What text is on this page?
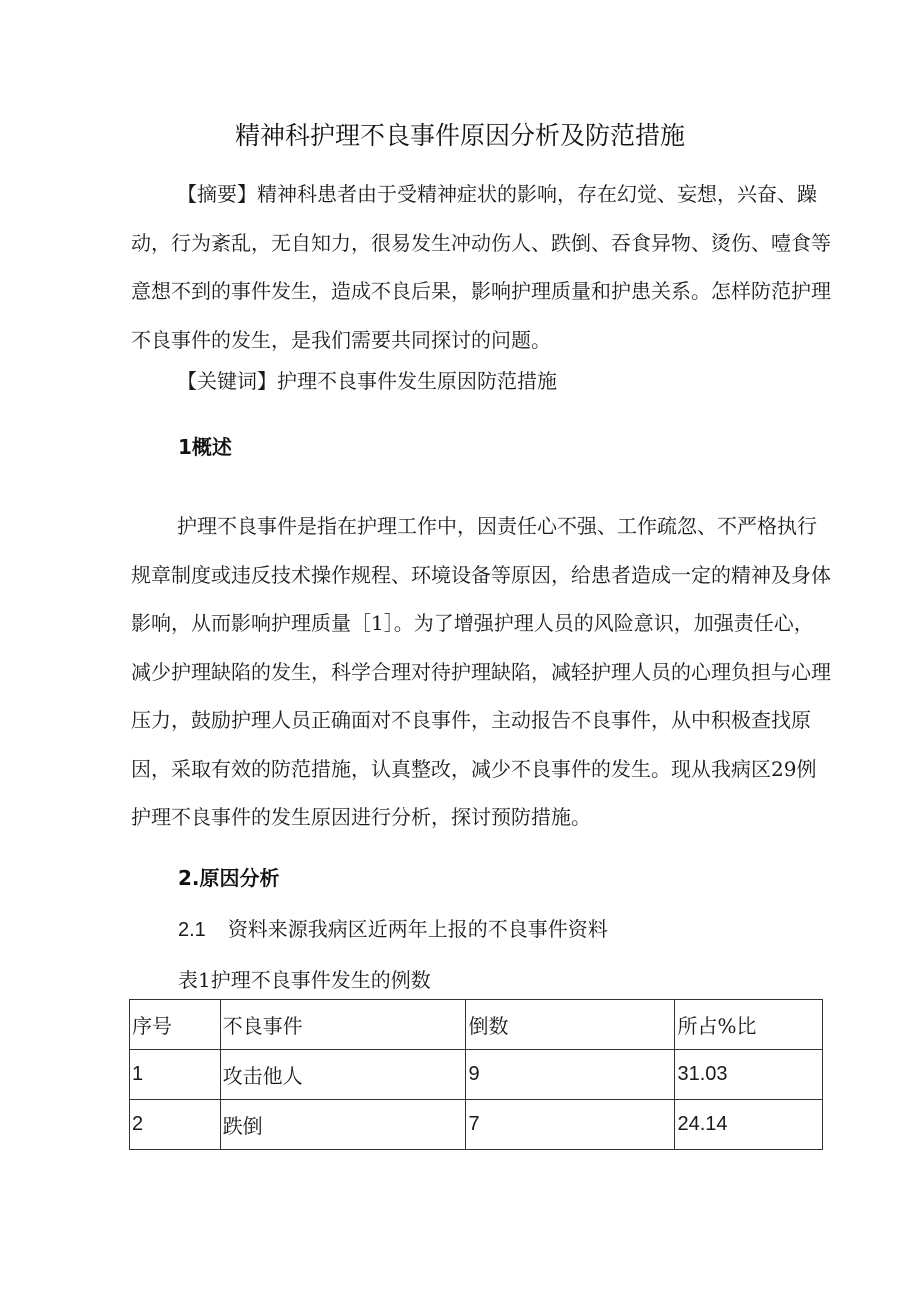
精神科护理不良事件原因分析及防范措施

【摘要】精神科患者由于受精神症状的影响，存在幻觉、妄想，兴奋、躁动，行为紊乱，无自知力，很易发生冲动伤人、跌倒、吞食异物、烫伤、噎食等意想不到的事件发生，造成不良后果，影响护理质量和护患关系。怎样防范护理不良事件的发生，是我们需要共同探讨的问题。

【关键词】护理不良事件发生原因防范措施

1概述

护理不良事件是指在护理工作中，因责任心不强、工作疏忽、不严格执行规章制度或违反技术操作规程、环境设备等原因，给患者造成一定的精神及身体影响，从而影响护理质量［1］。为了增强护理人员的风险意识，加强责任心，减少护理缺陷的发生，科学合理对待护理缺陷，减轻护理人员的心理负担与心理压力，鼓励护理人员正确面对不良事件，主动报告不良事件，从中积极查找原因，采取有效的防范措施，认真整改，减少不良事件的发生。现从我病区29例护理不良事件的发生原因进行分析，探讨预防措施。

2.原因分析

2.1 资料来源我病区近两年上报的不良事件资料

表1护理不良事件发生的例数

序号	不良事件	倒数	所占%比
1	攻击他人	9	31.03
2	跌倒	7	24.14
